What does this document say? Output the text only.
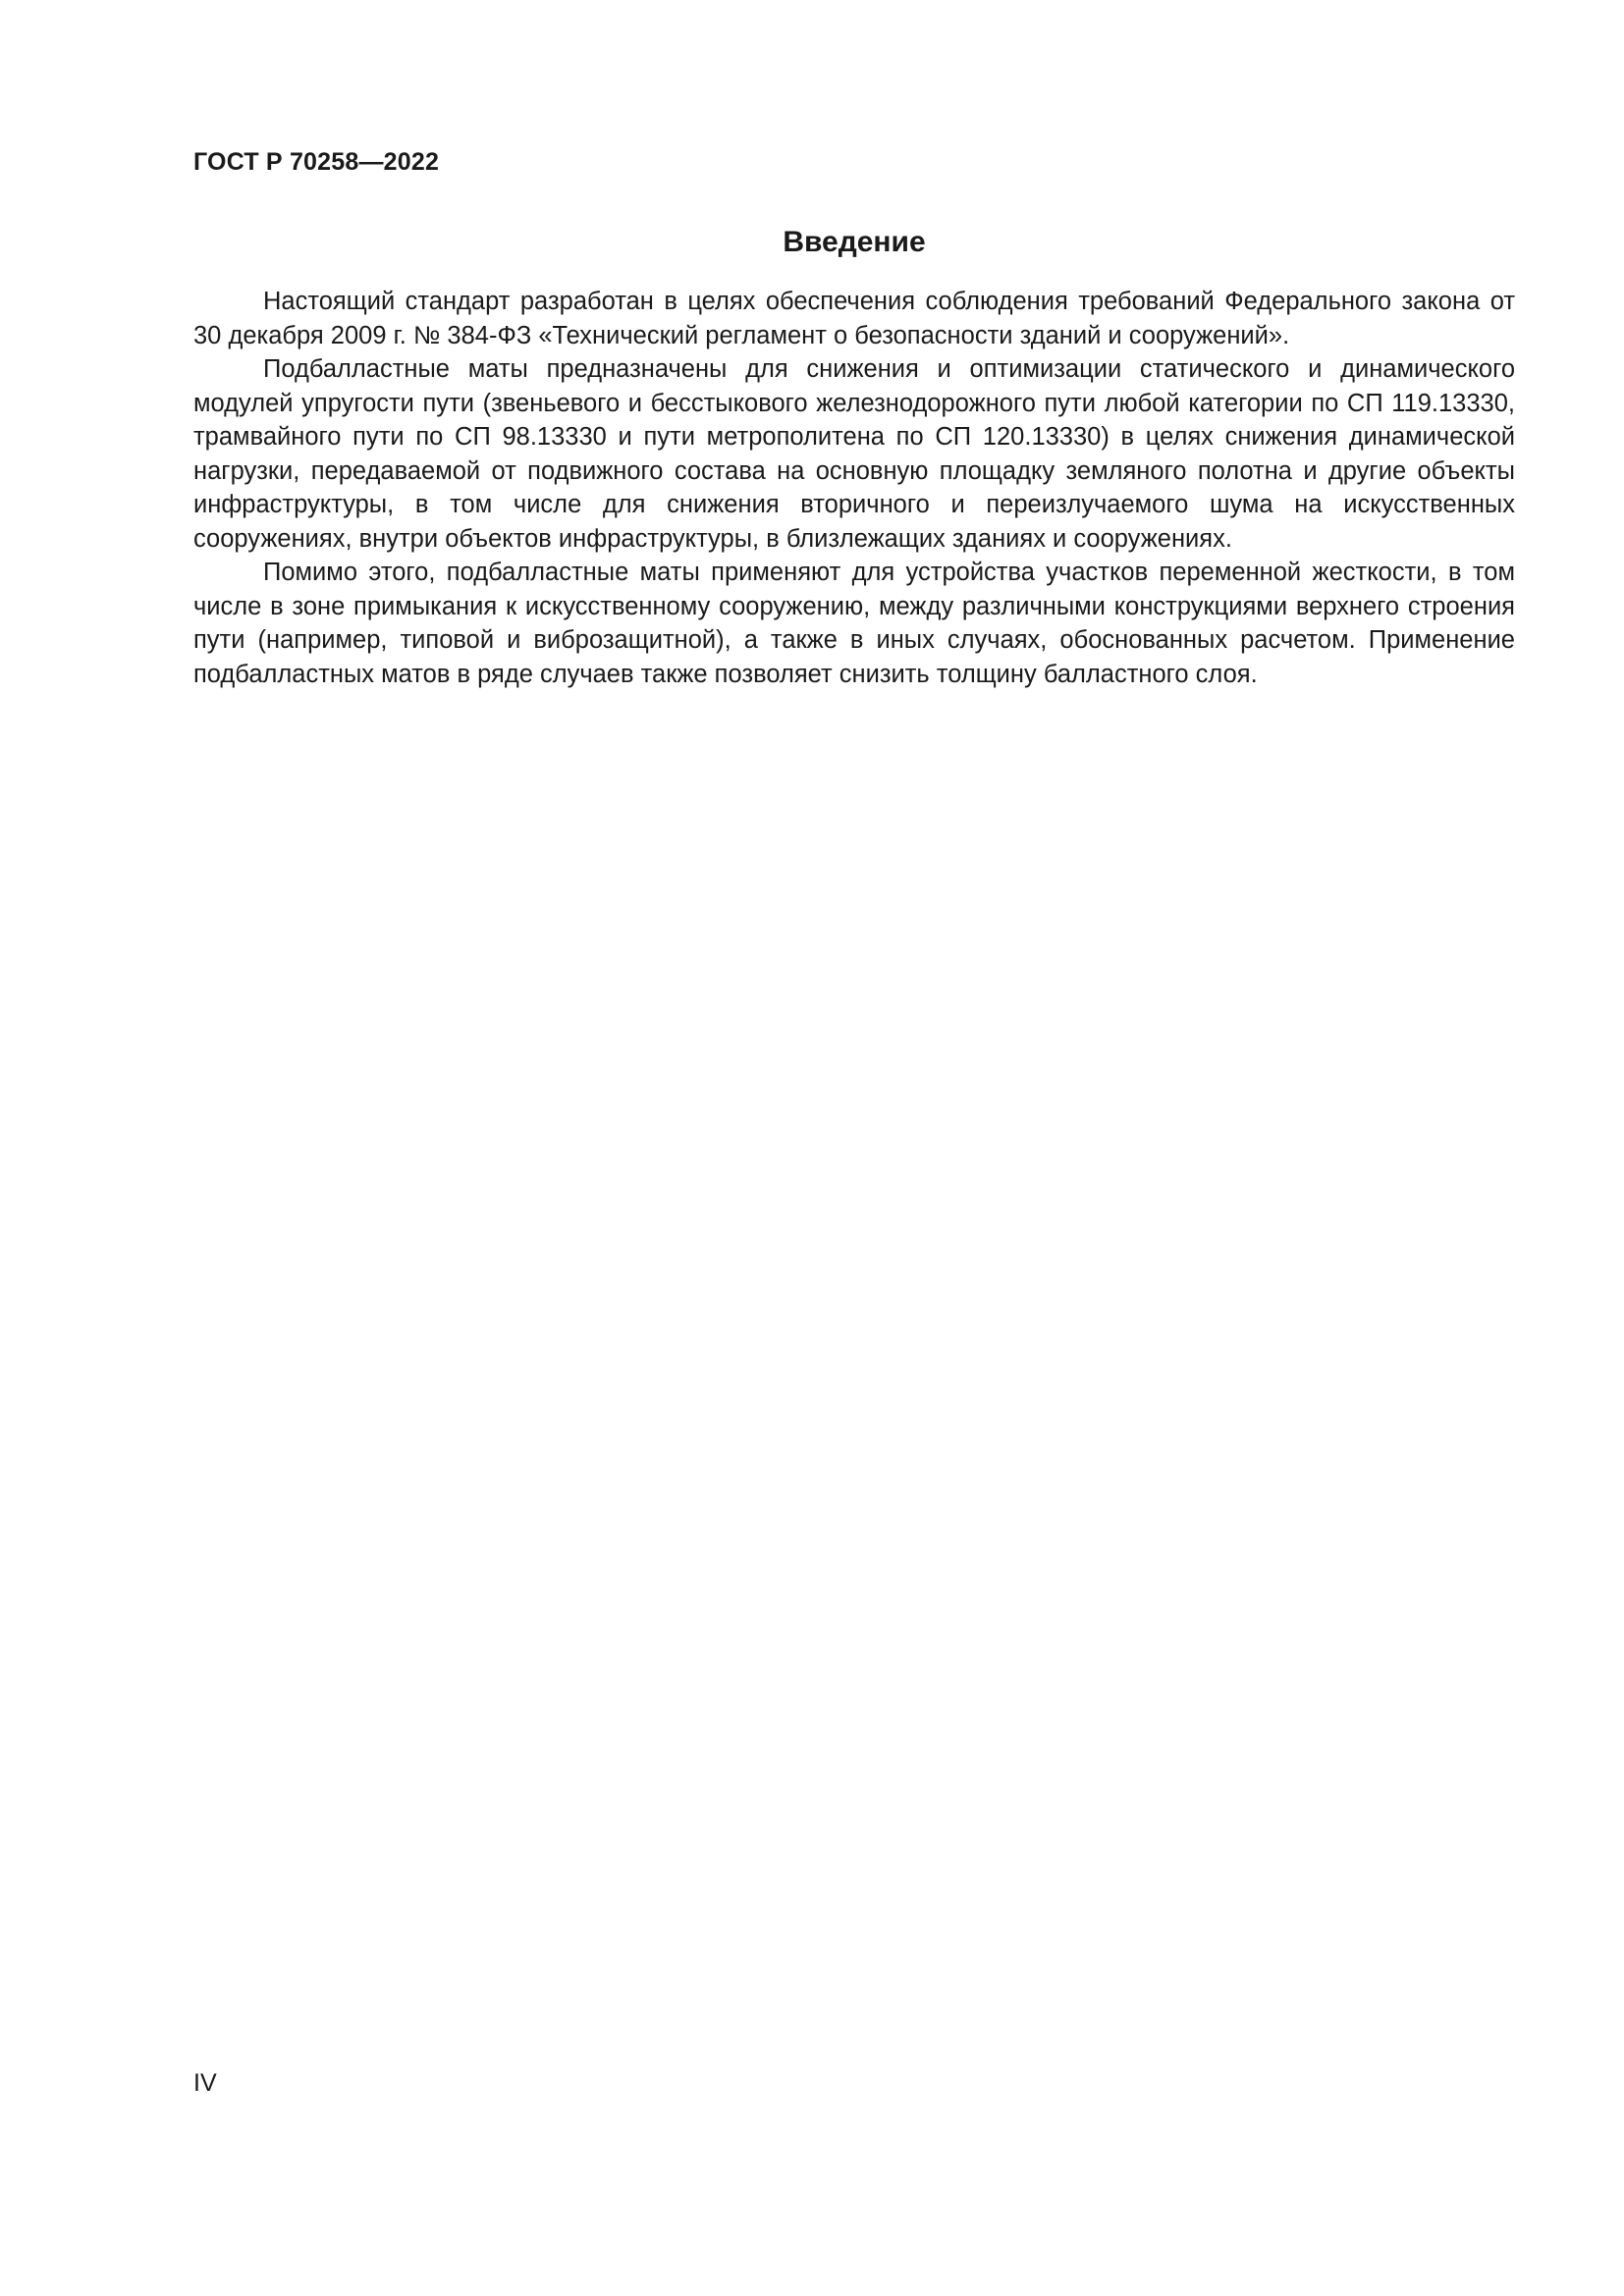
ГОСТ Р 70258—2022
Введение

Настоящий стандарт разработан в целях обеспечения соблюдения требований Федерального закона от 30 декабря 2009 г. № 384-ФЗ «Технический регламент о безопасности зданий и сооружений».

Подбалластные маты предназначены для снижения и оптимизации статического и динамического модулей упругости пути (звеньевого и бесстыкового железнодорожного пути любой категории по СП 119.13330, трамвайного пути по СП 98.13330 и пути метрополитена по СП 120.13330) в целях снижения динамической нагрузки, передаваемой от подвижного состава на основную площадку земляного полотна и другие объекты инфраструктуры, в том числе для снижения вторичного и переизлучаемого шума на искусственных сооружениях, внутри объектов инфраструктуры, в близлежащих зданиях и сооружениях.

Помимо этого, подбалластные маты применяют для устройства участков переменной жесткости, в том числе в зоне примыкания к искусственному сооружению, между различными конструкциями верхнего строения пути (например, типовой и виброзащитной), а также в иных случаях, обоснованных расчетом. Применение подбалластных матов в ряде случаев также позволяет снизить толщину балластного слоя.

IV
